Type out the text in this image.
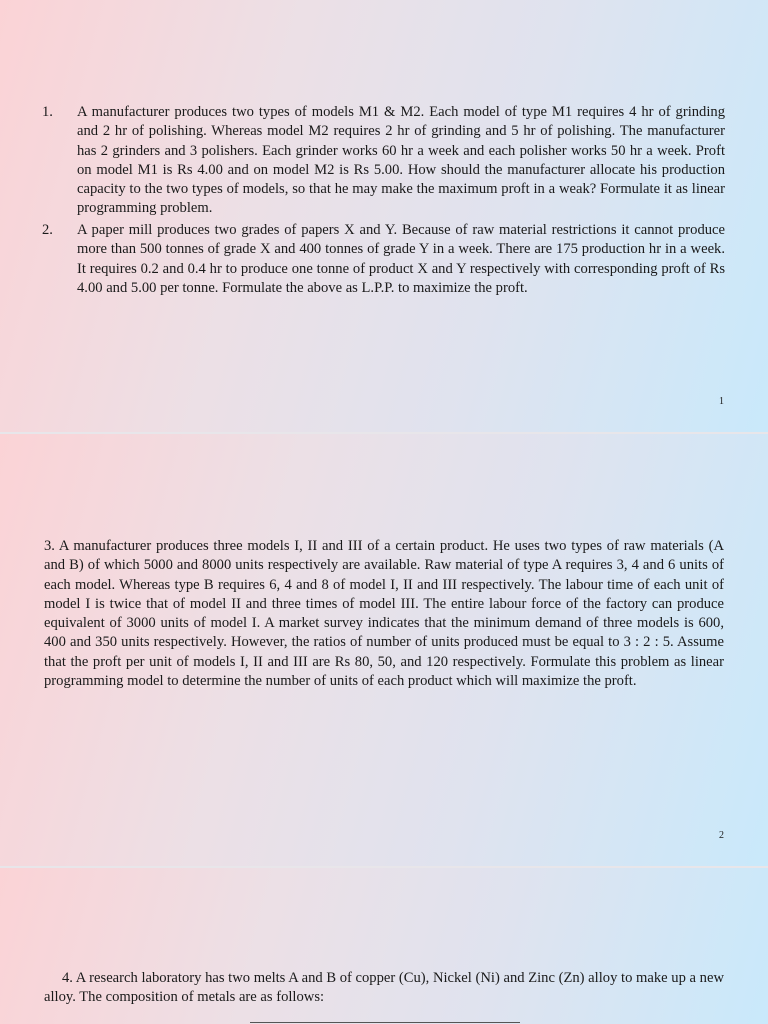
1. A manufacturer produces two types of models M1 & M2. Each model of type M1 requires 4 hr of grinding and 2 hr of polishing. Whereas model M2 requires 2 hr of grinding and 5 hr of polishing. The manufacturer has 2 grinders and 3 polishers. Each grinder works 60 hr a week and each polisher works 50 hr a week. Proft on model M1 is Rs 4.00 and on model M2 is Rs 5.00. How should the manufacturer allocate his production capacity to the two types of models, so that he may make the maximum proft in a weak? Formulate it as linear programming problem.
2. A paper mill produces two grades of papers X and Y. Because of raw material restrictions it cannot produce more than 500 tonnes of grade X and 400 tonnes of grade Y in a week. There are 175 production hr in a week. It requires 0.2 and 0.4 hr to produce one tonne of product X and Y respectively with corresponding proft of Rs 4.00 and 5.00 per tonne. Formulate the above as L.P.P. to maximize the proft.
1
3. A manufacturer produces three models I, II and III of a certain product. He uses two types of raw materials (A and B) of which 5000 and 8000 units respectively are available. Raw material of type A requires 3, 4 and 6 units of each model. Whereas type B requires 6, 4 and 8 of model I, II and III respectively. The labour time of each unit of model I is twice that of model II and three times of model III. The entire labour force of the factory can produce equivalent of 3000 units of model I. A market survey indicates that the minimum demand of three models is 600, 400 and 350 units respectively. However, the ratios of number of units produced must be equal to 3 : 2 : 5. Assume that the proft per unit of models I, II and III are Rs 80, 50, and 120 respectively. Formulate this problem as linear programming model to determine the number of units of each product which will maximize the proft.
2
4. A research laboratory has two melts A and B of copper (Cu), Nickel (Ni) and Zinc (Zn) alloy to make up a new alloy. The composition of metals are as follows:
